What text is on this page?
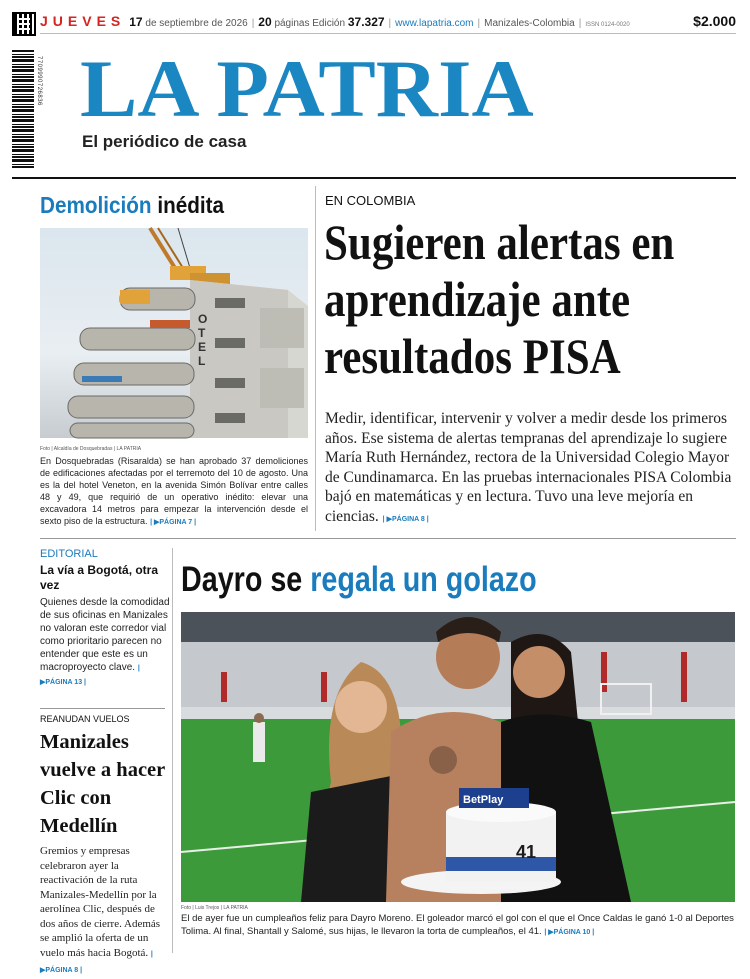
JUEVES 17
de septiembre de 2026 | 20
páginas
Edición
37.327 | www.lapatria.com | Manizales-Colombia | ISSN 0124-0020	$2.000
7709990726836 LA PATRIA
El periódico de casa
Demolición inédita
O T E L
Foto | Alcaldía de Dosquebradas | LA PATRIA
En Dosquebradas (Risaralda) se han aprobado 37 demoliciones de edificaciones afectadas por el terremoto del 10 de agosto. Una es la del hotel Veneton, en la avenida Simón Bolívar entre calles 48 y 49, que requirió de un operativo inédito: elevar una excavadora 14 metros para empezar la intervención desde el sexto piso de la estructura. | ▶PÁGINA 7 |
EN COLOMBIA
Sugieren alertas en aprendizaje ante resultados PISA
Medir, identificar, intervenir y volver a medir desde los primeros años. Ese sistema de alertas tempranas del aprendizaje lo sugiere María Ruth Hernández, rectora de la Universidad Colegio Mayor de Cundinamarca. En las pruebas internacionales PISA Colombia bajó en matemáticas y en lectura. Tuvo una leve mejoría en ciencias. | ▶PÁGINA 8 |
EDITORIAL
La vía a Bogotá, otra vez
Quienes desde la comodidad de sus oficinas en Manizales no valoran este corredor vial como prioritario parecen no entender que este es un macroproyecto clave. | ▶PÁGINA 13 |
REANUDAN VUELOS
Manizales vuelve a hacer Clic con Medellín
Gremios y empresas celebraron ayer la reactivación de la ruta Manizales-Medellín por la aerolínea Clic, después de dos años de cierre. Además se amplió la oferta de un vuelo más hacia Bogotá. | ▶PÁGINA 8 |
Dayro se regala un golazo
BetPlay
41
Foto | Luis Trejos | LA PATRIA
El de ayer fue un cumpleaños feliz para Dayro Moreno. El goleador marcó el gol con el que el Once Caldas le ganó 1-0 al Deportes Tolima. Al final, Shantall y Salomé, sus hijas, le llevaron la torta de cumpleaños, el 41. | ▶PÁGINA 10 |
